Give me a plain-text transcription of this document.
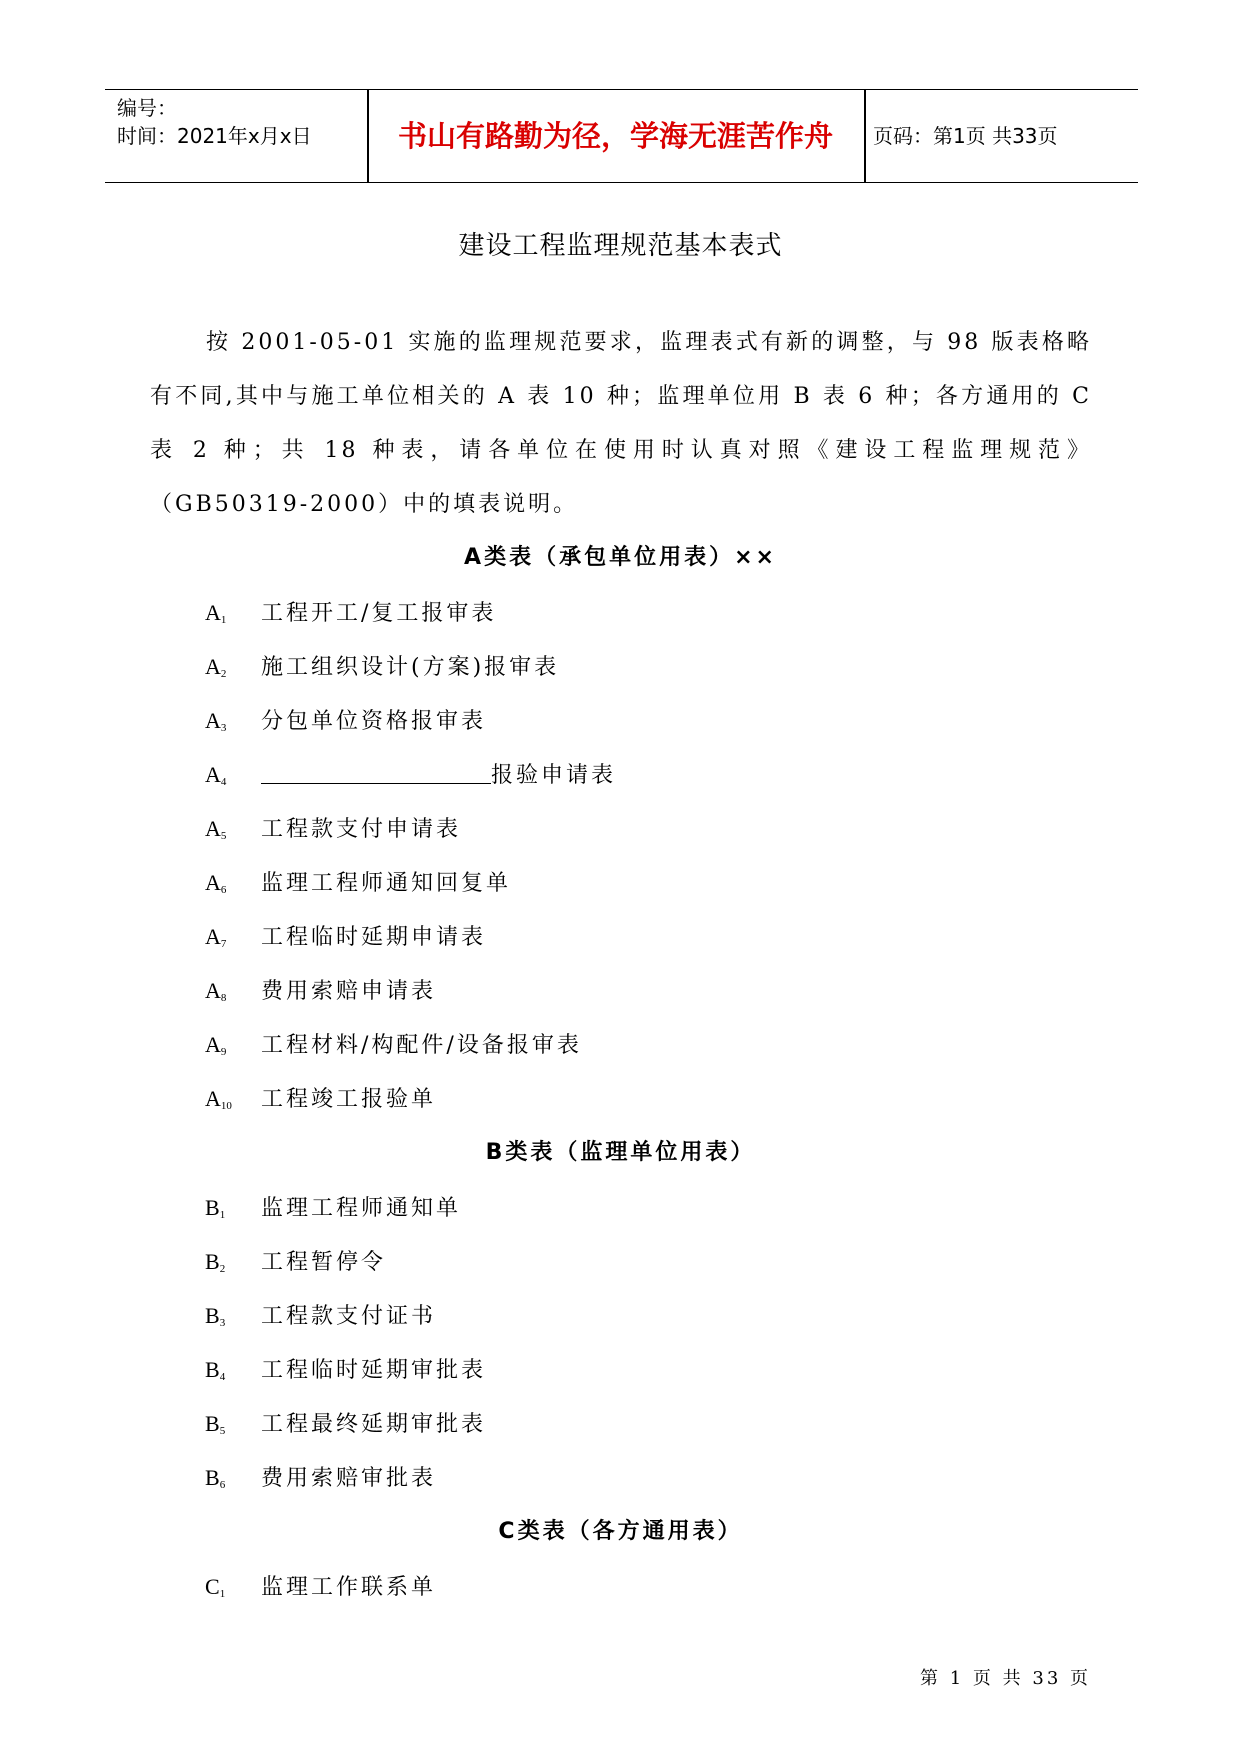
编号：
时间：2021年x月x日	书山有路勤为径，学海无涯苦作舟	页码：第1页 共33页
建设工程监理规范基本表式
按 2001-05-01 实施的监理规范要求，监理表式有新的调整，与 98 版表格略有不同,其中与施工单位相关的 A 表 10 种；监理单位用 B 表 6 种；各方通用的 C 表 2 种；共 18 种表，请各单位在使用时认真对照《建设工程监理规范》（GB50319-2000）中的填表说明。
A类表（承包单位用表）××
$A_1$ 工程开工/复工报审表
$A_2$ 施工组织设计(方案)报审表
$A_3$ 分包单位资格报审表
$A_4$	报验申请表
$A_5$ 工程款支付申请表
$A_6$ 监理工程师通知回复单
$A_7$ 工程临时延期申请表
$A_8$ 费用索赔申请表
$A_9$ 工程材料/构配件/设备报审表
$A_{10}$ 工程竣工报验单
B类表（监理单位用表）
$B_1$ 监理工程师通知单
$B_2$ 工程暂停令
$B_3$ 工程款支付证书
$B_4$ 工程临时延期审批表
$B_5$ 工程最终延期审批表
$B_6$ 费用索赔审批表
C类表（各方通用表）
$C_1$ 监理工作联系单
第 1 页 共 33 页
